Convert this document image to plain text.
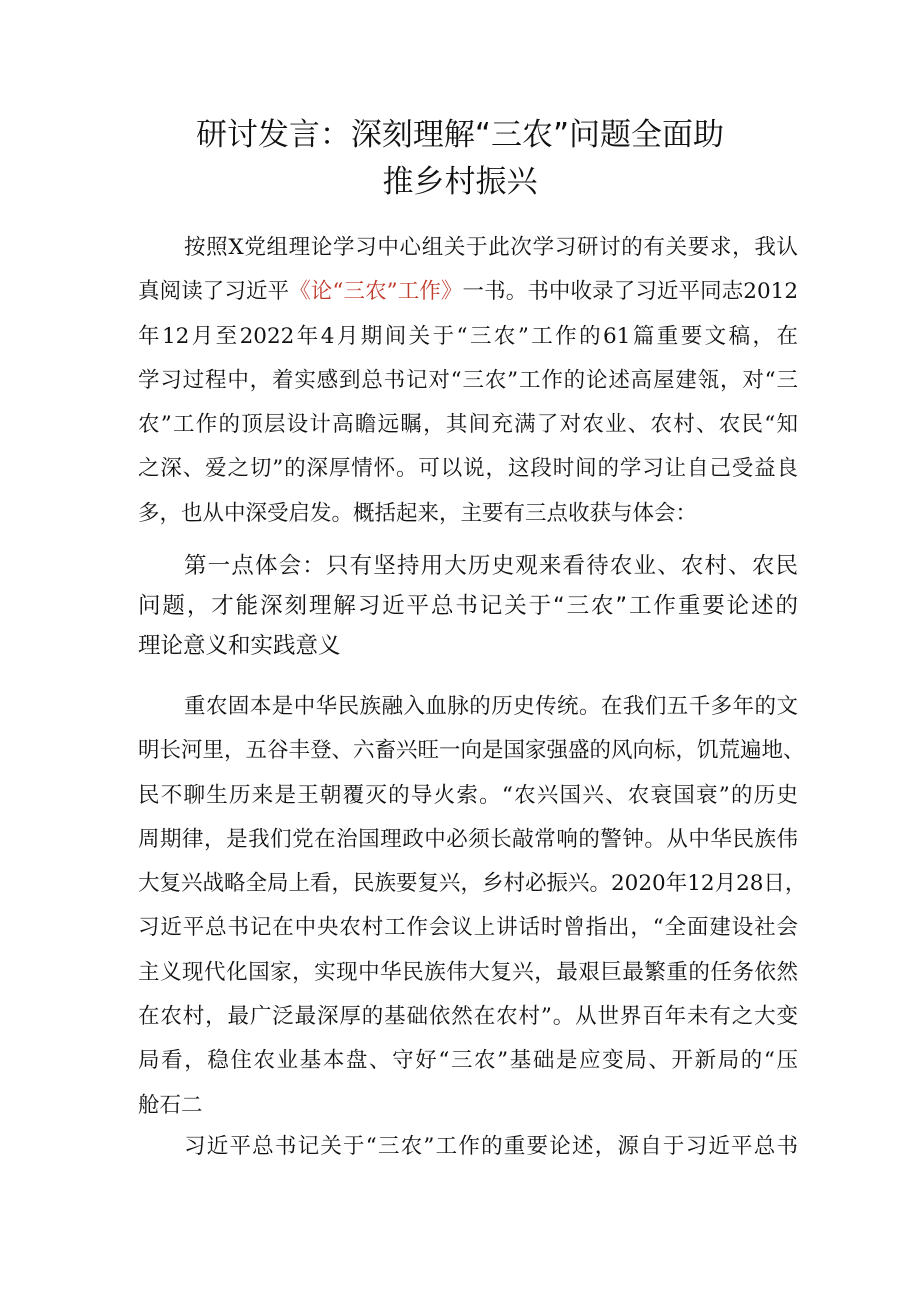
研讨发言：深刻理解“三农”问题全面助
推乡村振兴
按照X党组理论学习中心组关于此次学习研讨的有关要求，我认
真阅读了习近平《论“三农”工作》一书。书中收录了习近平同志2012
年12月至2022年4月期间关于“三农”工作的61篇重要文稿，在
学习过程中，着实感到总书记对“三农”工作的论述高屋建瓴，对“三
农”工作的顶层设计高瞻远瞩，其间充满了对农业、农村、农民“知
之深、爱之切”的深厚情怀。可以说，这段时间的学习让自己受益良
多，也从中深受启发。概括起来，主要有三点收获与体会：
第一点体会：只有坚持用大历史观来看待农业、农村、农民
问题，才能深刻理解习近平总书记关于“三农”工作重要论述的
理论意义和实践意义
重农固本是中华民族融入血脉的历史传统。在我们五千多年的文
明长河里，五谷丰登、六畜兴旺一向是国家强盛的风向标，饥荒遍地、
民不聊生历来是王朝覆灭的导火索。“农兴国兴、农衰国衰”的历史
周期律，是我们党在治国理政中必须长敲常响的警钟。从中华民族伟
大复兴战略全局上看，民族要复兴，乡村必振兴。2020年12月28日，
习近平总书记在中央农村工作会议上讲话时曾指出，“全面建设社会
主义现代化国家，实现中华民族伟大复兴，最艰巨最繁重的任务依然
在农村，最广泛最深厚的基础依然在农村”。从世界百年未有之大变
局看，稳住农业基本盘、守好“三农”基础是应变局、开新局的“压
舱石二
习近平总书记关于“三农”工作的重要论述，源自于习近平总书
